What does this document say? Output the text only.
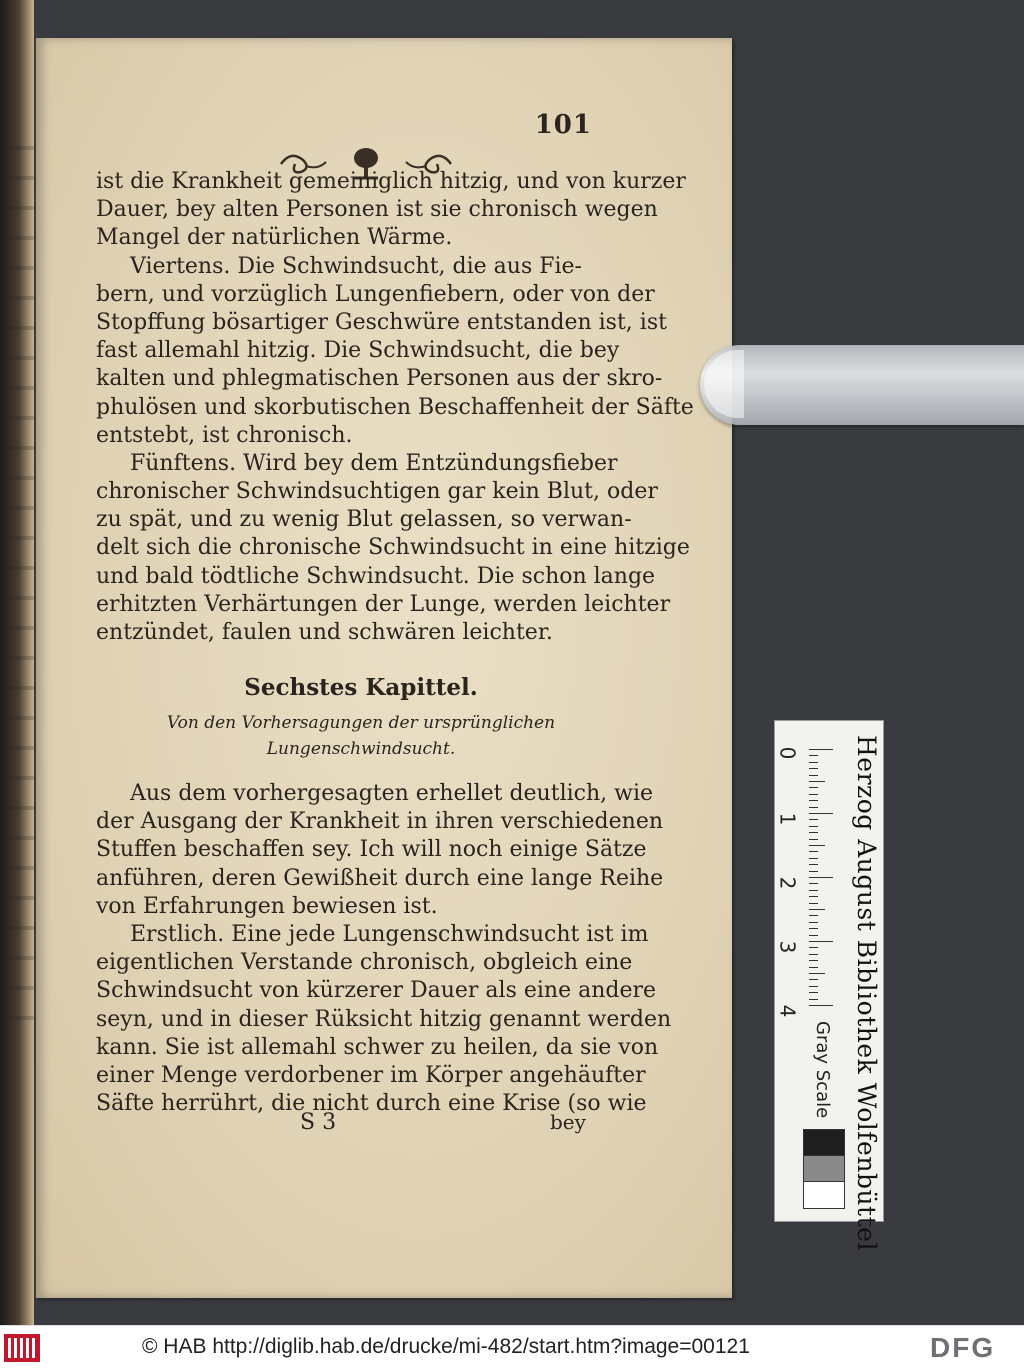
101
ist die Krankheit gemeiniglich hitzig, und von kurzer
Dauer, bey alten Personen ist sie chronisch wegen
Mangel der natürlichen Wärme.
Viertens. Die Schwindsucht, die aus Fie-
bern, und vorzüglich Lungenfiebern, oder von der
Stopffung bösartiger Geschwüre entstanden ist, ist
fast allemahl hitzig. Die Schwindsucht, die bey
kalten und phlegmatischen Personen aus der skro-
phulösen und skorbutischen Beschaffenheit der Säfte
entstebt, ist chronisch.
Fünftens. Wird bey dem Entzündungsfieber
chronischer Schwindsuchtigen gar kein Blut, oder
zu spät, und zu wenig Blut gelassen, so verwan-
delt sich die chronische Schwindsucht in eine hitzige
und bald tödtliche Schwindsucht. Die schon lange
erhitzten Verhärtungen der Lunge, werden leichter
entzündet, faulen und schwären leichter.
Sechstes Kapittel.
Von den Vorhersagungen der ursprünglichen
Lungenschwindsucht.
Aus dem vorhergesagten erhellet deutlich, wie
der Ausgang der Krankheit in ihren verschiedenen
Stuffen beschaffen sey. Ich will noch einige Sätze
anführen, deren Gewißheit durch eine lange Reihe
von Erfahrungen bewiesen ist.
Erstlich. Eine jede Lungenschwindsucht ist im
eigentlichen Verstande chronisch, obgleich eine
Schwindsucht von kürzerer Dauer als eine andere
seyn, und in dieser Rüksicht hitzig genannt werden
kann. Sie ist allemahl schwer zu heilen, da sie von
einer Menge verdorbener im Körper angehäufter
Säfte herrührt, die nicht durch eine Krise (so wie
S 3	bey
0
1
2
3
4
Gray Scale Herzog August Bibliothek Wolfenbüttel
© HAB http://diglib.hab.de/drucke/mi-482/start.htm?image=00121	DFG
